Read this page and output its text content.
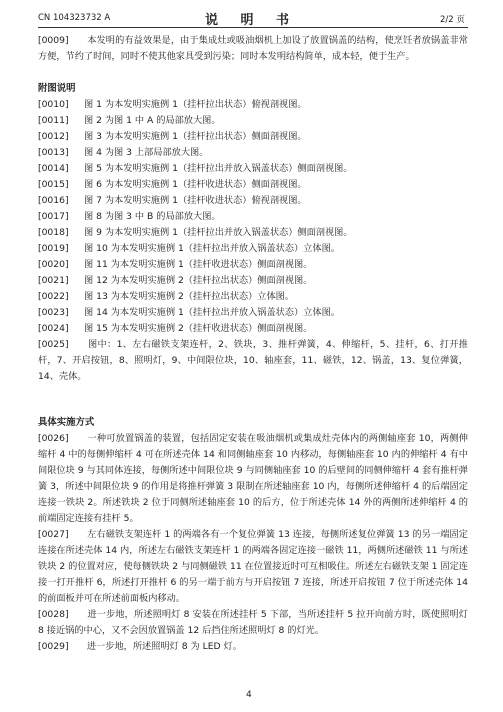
CN 104323732 A	说 明 书	2/2 页

[0009]　　本发明的有益效果是，由于集成灶或吸油烟机上加设了放置锅盖的结构，使烹饪者放锅盖非常方便，节约了时间，同时不使其他家具受到污染；同时本发明结构简单，成本轻，便于生产。

附图说明
[0010] 图 1 为本发明实施例 1（挂杆拉出状态）俯视剖视图。
[0011] 图 2 为图 1 中 A 的局部放大图。
[0012] 图 3 为本发明实施例 1（挂杆拉出状态）侧面剖视图。
[0013] 图 4 为图 3 上部局部放大图。
[0014] 图 5 为本发明实施例 1（挂杆拉出并放入锅盖状态）侧面剖视图。
[0015] 图 6 为本发明实施例 1（挂杆收进状态）侧面剖视图。
[0016] 图 7 为本发明实施例 1（挂杆收进状态）俯视剖视图。
[0017] 图 8 为图 3 中 B 的局部放大图。
[0018] 图 9 为本发明实施例 1（挂杆拉出并放入锅盖状态）侧面剖视图。
[0019] 图 10 为本发明实施例 1（挂杆拉出并放入锅盖状态）立体图。
[0020] 图 11 为本发明实施例 1（挂杆收进状态）侧面剖视图。
[0021] 图 12 为本发明实施例 2（挂杆拉出状态）侧面剖视图。
[0022] 图 13 为本发明实施例 2（挂杆拉出状态）立体图。
[0023] 图 14 为本发明实施例 1（挂杆拉出并放入锅盖状态）立体图。
[0024] 图 15 为本发明实施例 2（挂杆收进状态）侧面剖视图。

[0025]　　图中：1、左右磁铁支架连杆，2、铁块，3、推杆弹簧，4、伸缩杆，5、挂杆，6、打开推杆，7、开启按钮，8、照明灯，9、中间限位块，10、轴座套，11、磁铁，12、锅盖，13、复位弹簧，14、壳体。

具体实施方式

[0026]　　一种可放置锅盖的装置，包括固定安装在吸油烟机或集成灶壳体内的两侧轴座套 10，两侧伸缩杆 4 中的每侧伸缩杆 4 可在所述壳体 14 和同侧轴座套 10 内移动，每侧轴座套 10 内的伸缩杆 4 有中间限位块 9 与其同体连接，每侧所述中间限位块 9 与同侧轴座套 10 的后壁间的同侧伸缩杆 4 套有推杆弹簧 3，所述中间限位块 9 的作用是将推杆弹簧 3 限制在所述轴座套 10 内，每侧所述伸缩杆 4 的后端固定连接一铁块 2。所述铁块 2 位于同侧所述轴座套 10 的后方，位于所述壳体 14 外的两侧所述伸缩杆 4 的前端固定连接有挂杆 5。

[0027]　　左右磁铁支架连杆 1 的两端各有一个复位弹簧 13 连接，每侧所述复位弹簧 13 的另一端固定连接在所述壳体 14 内，所述左右磁铁支架连杆 1 的两端各固定连接一磁铁 11，两侧所述磁铁 11 与所述铁块 2 的位置对应，使每侧铁块 2 与同侧磁铁 11 在位置接近时可互相吸住。所述左右磁铁支架 1 固定连接一打开推杆 6，所述打开推杆 6 的另一端于前方与开启按钮 7 连接，所述开启按钮 7 位于所述壳体 14 的前面板并可在所述前面板内移动。

[0028]　　进一步地，所述照明灯 8 安装在所述挂杆 5 下部，当所述挂杆 5 拉开向前方时，既使照明灯 8 接近锅的中心，又不会因放置锅盖 12 后挡住所述照明灯 8 的灯光。

[0029]　　进一步地，所述照明灯 8 为 LED 灯。

4
